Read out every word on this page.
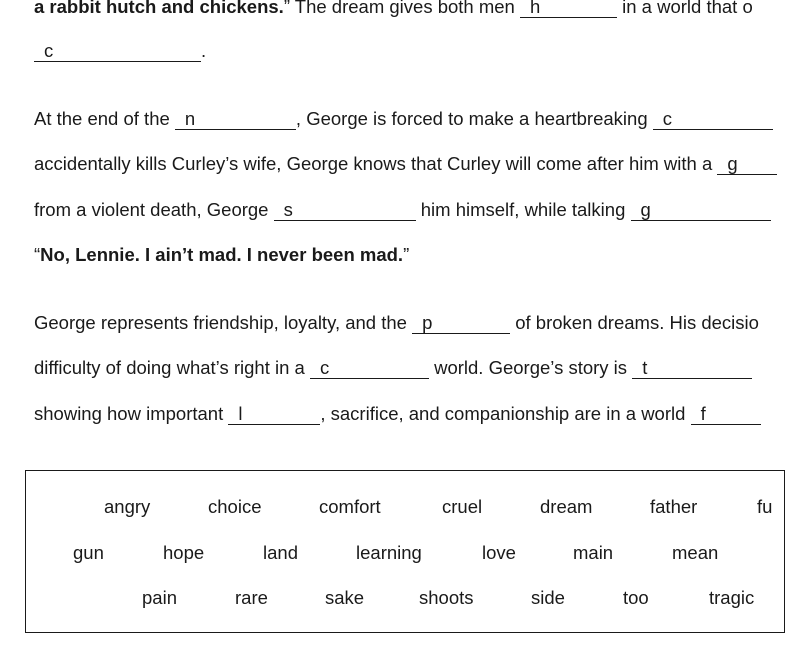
a rabbit hutch and chickens.” The dream gives both men h	in a world that o
c	.
At the end of the n	, George is forced to make a heartbreaking c
accidentally kills Curley’s wife, George knows that Curley will come after him with a g
from a violent death, George s	him himself, while talking g
“No, Lennie. I ain’t mad. I never been mad.”
George represents friendship, loyalty, and the p	of broken dreams. His decisio
difficulty of doing what’s right in a c	world. George’s story is t
showing how important l	, sacrifice, and companionship are in a world f
angry	choice	comfort	cruel	dream	father	fu
gun	hope	land	learning	love	main	mean
pain	rare	sake	shoots	side	too	tragic
